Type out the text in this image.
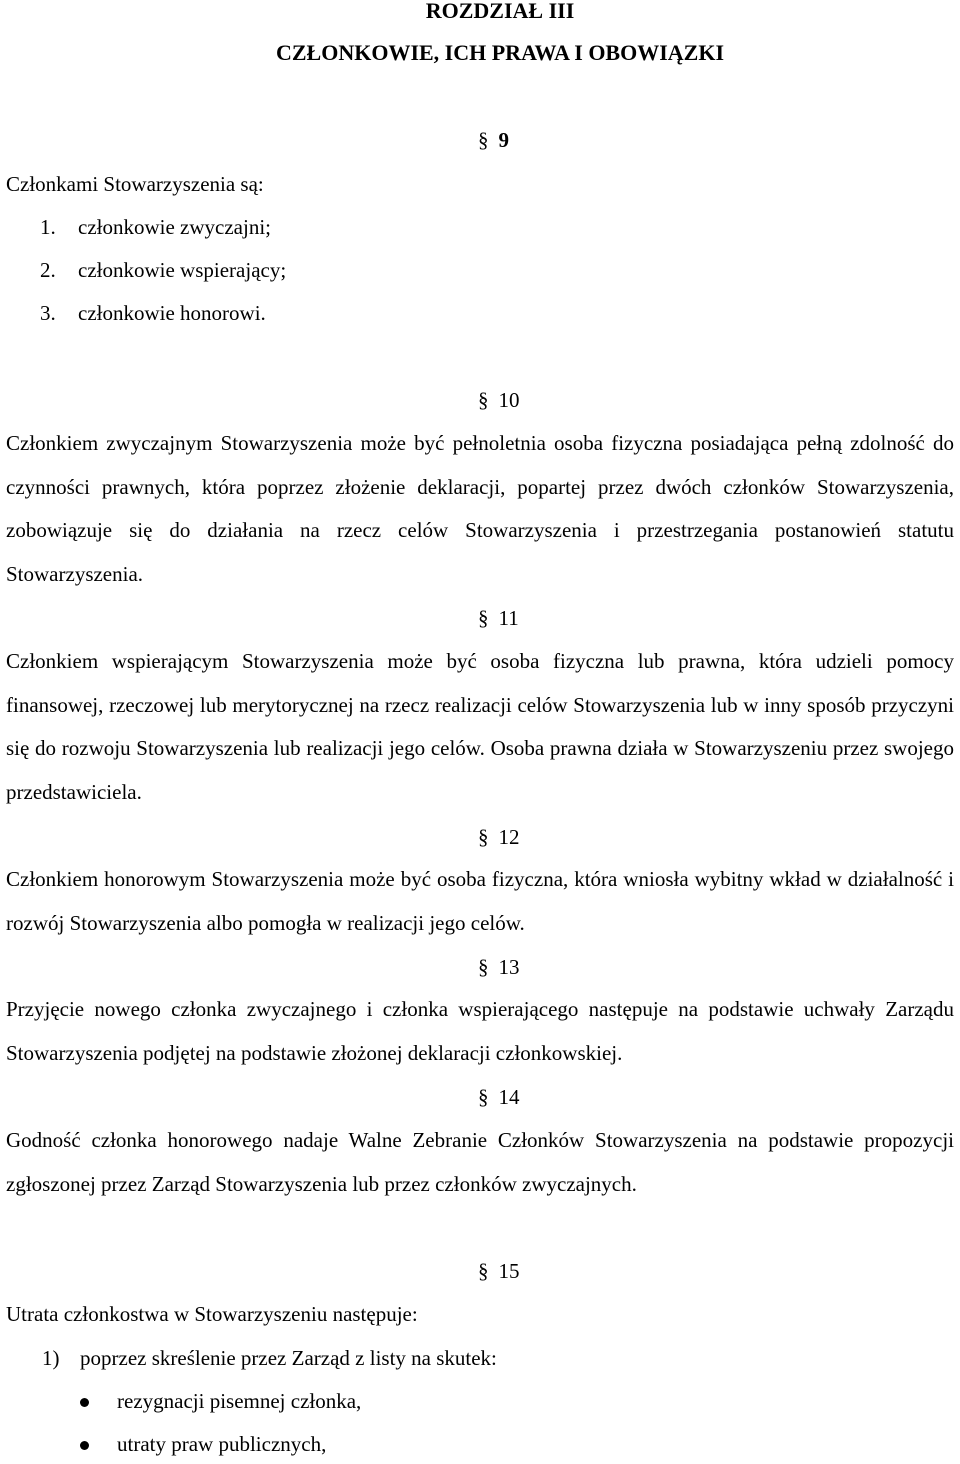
ROZDZIAŁ III
CZŁONKOWIE, ICH PRAWA I OBOWIĄZKI
§ 9
Członkami Stowarzyszenia są:
1. członkowie zwyczajni;
2. członkowie wspierający;
3. członkowie honorowi.
§ 10
Członkiem zwyczajnym Stowarzyszenia może być pełnoletnia osoba fizyczna posiadająca pełną zdolność do czynności prawnych, która poprzez złożenie deklaracji, popartej przez dwóch członków Stowarzyszenia, zobowiązuje się do działania na rzecz celów Stowarzyszenia i przestrzegania postanowień statutu Stowarzyszenia.
§ 11
Członkiem wspierającym Stowarzyszenia może być osoba fizyczna lub prawna, która udzieli pomocy finansowej, rzeczowej lub merytorycznej na rzecz realizacji celów Stowarzyszenia lub w inny sposób przyczyni się do rozwoju Stowarzyszenia lub realizacji jego celów. Osoba prawna działa w Stowarzyszeniu przez swojego przedstawiciela.
§ 12
Członkiem honorowym Stowarzyszenia może być osoba fizyczna, która wniosła wybitny wkład w działalność i rozwój Stowarzyszenia albo pomogła w realizacji jego celów.
§ 13
Przyjęcie nowego członka zwyczajnego i członka wspierającego następuje na podstawie uchwały Zarządu Stowarzyszenia podjętej na podstawie złożonej deklaracji członkowskiej.
§ 14
Godność członka honorowego nadaje Walne Zebranie Członków Stowarzyszenia na podstawie propozycji zgłoszonej przez Zarząd Stowarzyszenia lub przez członków zwyczajnych.
§ 15
Utrata członkostwa w Stowarzyszeniu następuje:
1) poprzez skreślenie przez Zarząd z listy na skutek:
rezygnacji pisemnej członka,
utraty praw publicznych,
